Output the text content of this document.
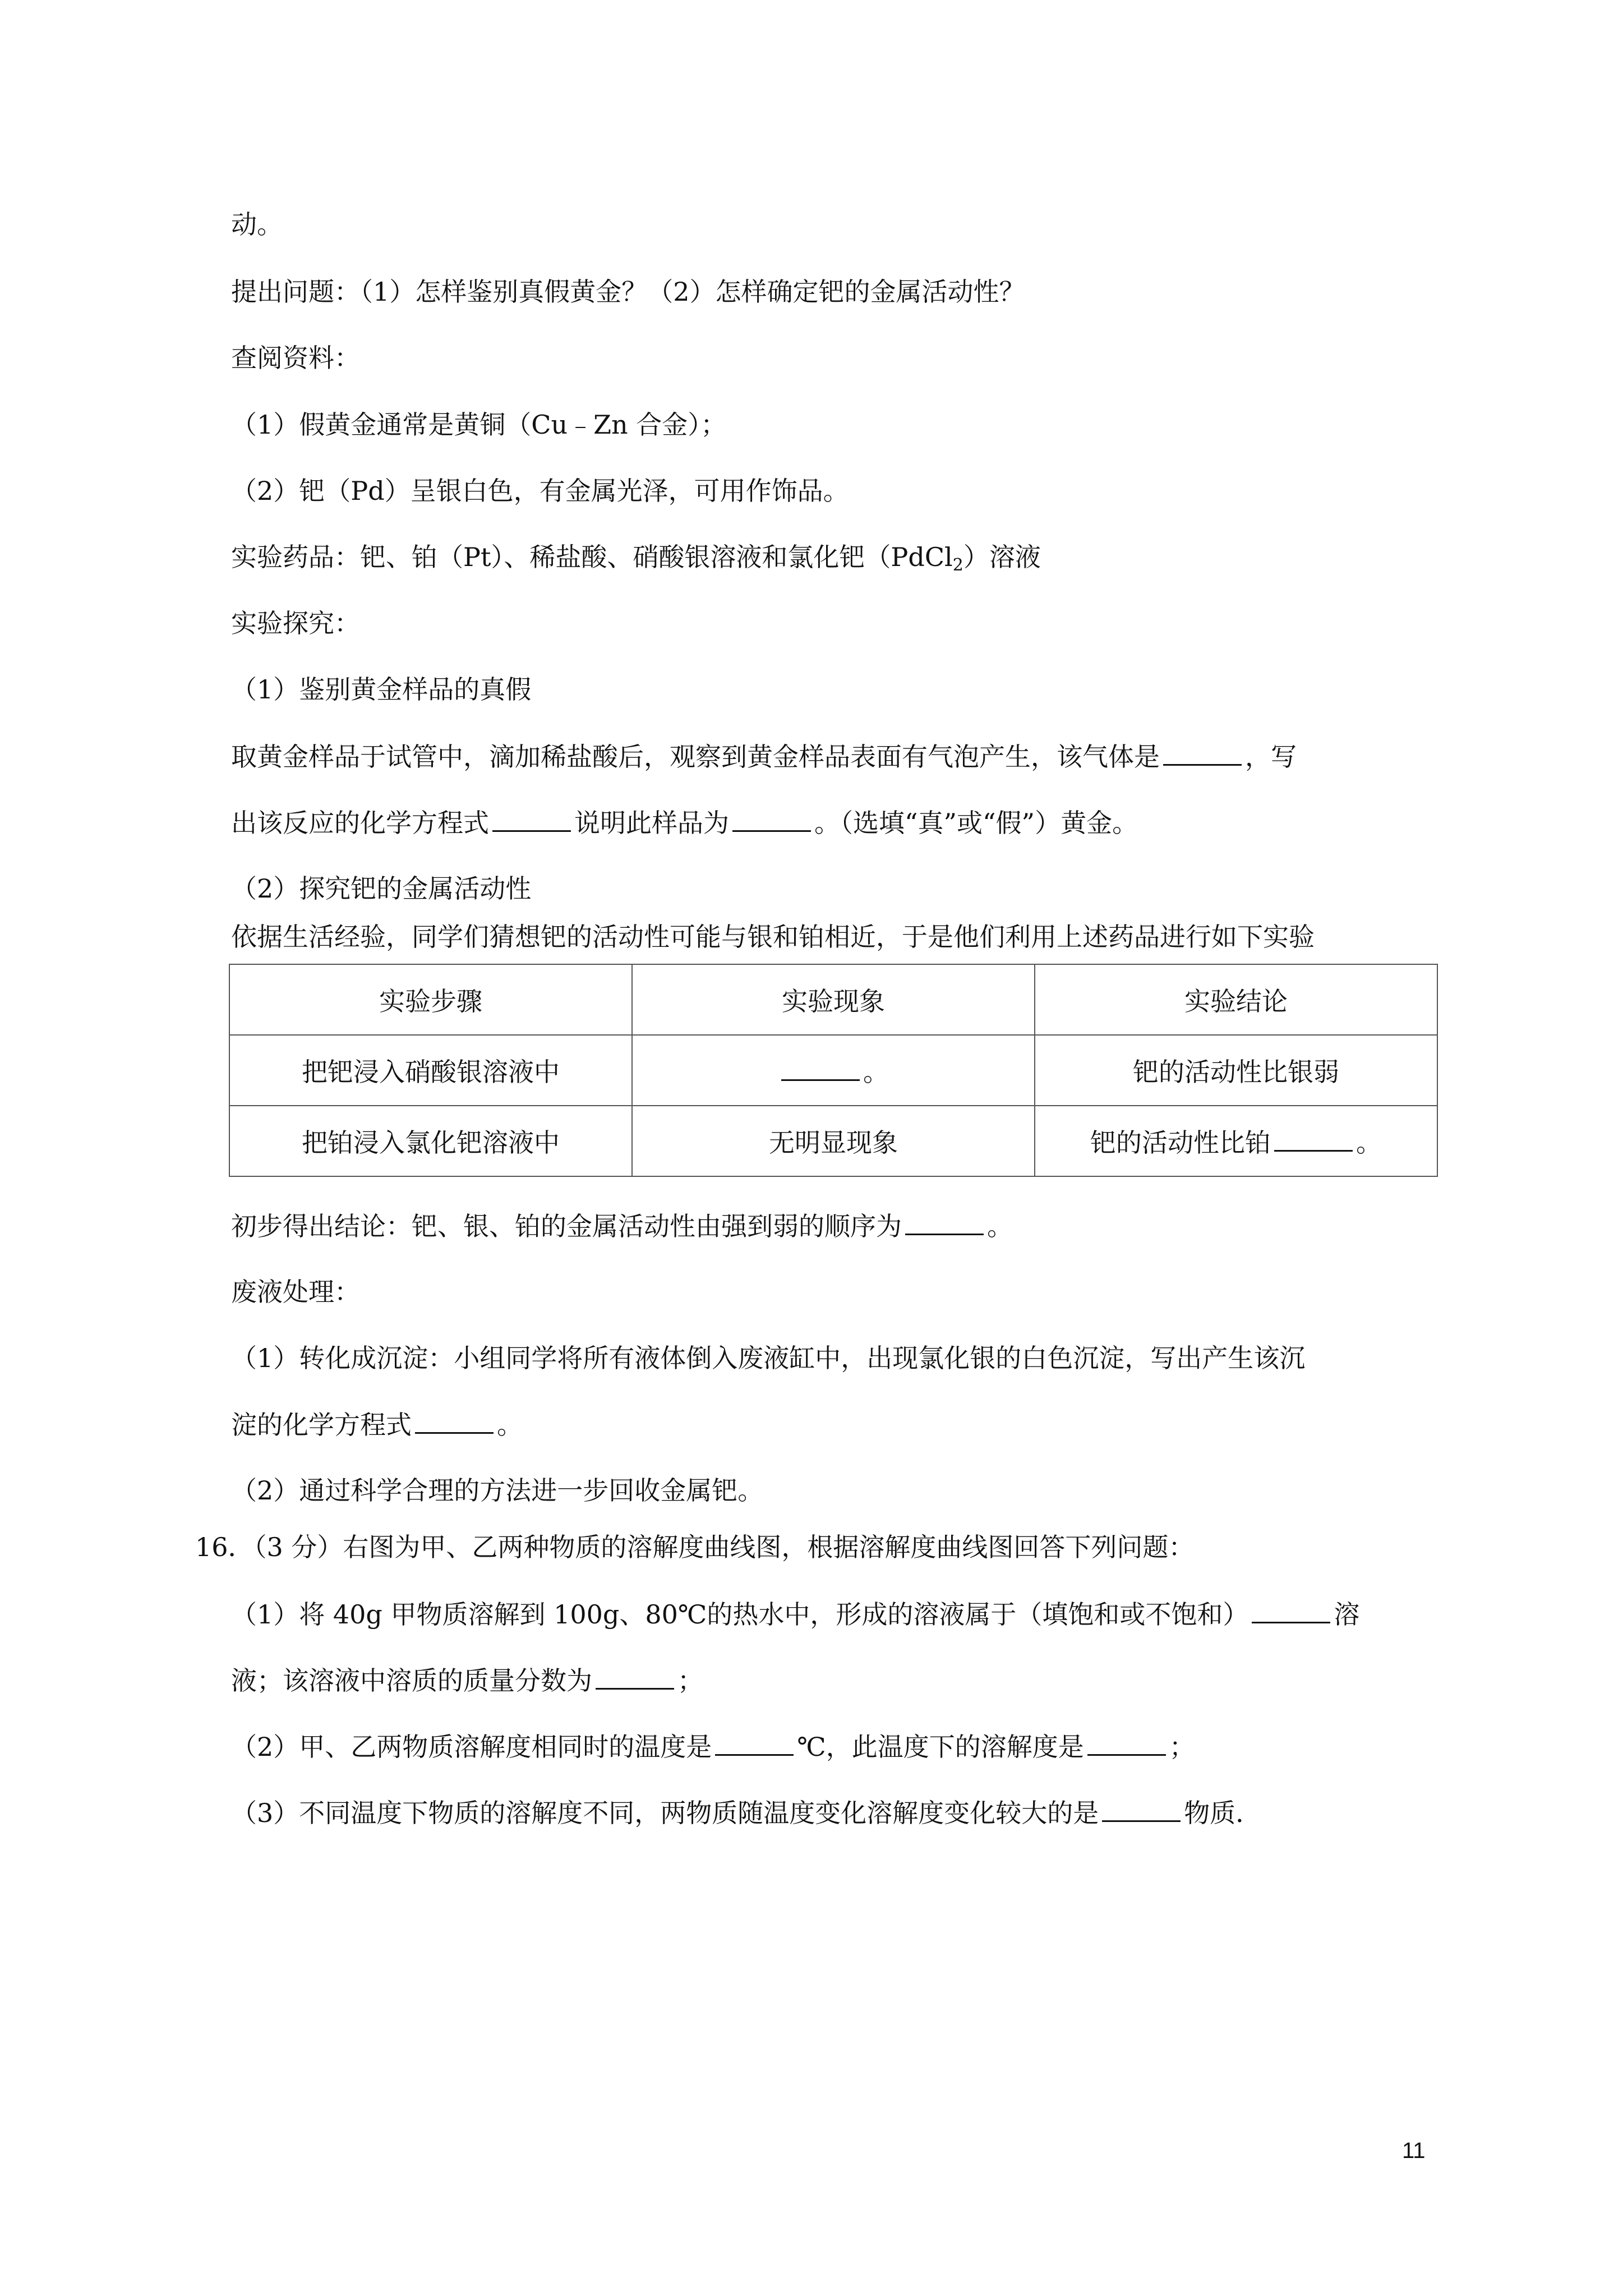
动。
提出问题：（1）怎样鉴别真假黄金？（2）怎样确定钯的金属活动性？
查阅资料：
（1）假黄金通常是黄铜（Cu﹣Zn 合金）；
（2）钯（Pd）呈银白色，有金属光泽，可用作饰品。
实验药品：钯、铂（Pt）、稀盐酸、硝酸银溶液和氯化钯（PdCl$_2$）溶液
实验探究：
（1）鉴别黄金样品的真假
取黄金样品于试管中，滴加稀盐酸后，观察到黄金样品表面有气泡产生，该气体是	，写
出该反应的化学方程式	说明此样品为	。（选填“真”或“假”）黄金。
（2）探究钯的金属活动性
依据生活经验，同学们猜想钯的活动性可能与银和铂相近，于是他们利用上述药品进行如下实验
实验步骤	实验现象	实验结论
把钯浸入硝酸银溶液中	。	钯的活动性比银弱
把铂浸入氯化钯溶液中	无明显现象	钯的活动性比铂 。
初步得出结论：钯、银、铂的金属活动性由强到弱的顺序为	。
废液处理：
（1）转化成沉淀：小组同学将所有液体倒入废液缸中，出现氯化银的白色沉淀，写出产生该沉
淀的化学方程式	。
（2）通过科学合理的方法进一步回收金属钯。
16．（3 分）右图为甲、乙两种物质的溶解度曲线图，根据溶解度曲线图回答下列问题：
（1）将 40g 甲物质溶解到 100g、80℃的热水中，形成的溶液属于（填饱和或不饱和）	溶
液；该溶液中溶质的质量分数为	；
（2）甲、乙两物质溶解度相同时的温度是	℃，此温度下的溶解度是	；
（3）不同温度下物质的溶解度不同，两物质随温度变化溶解度变化较大的是	物质．
11
